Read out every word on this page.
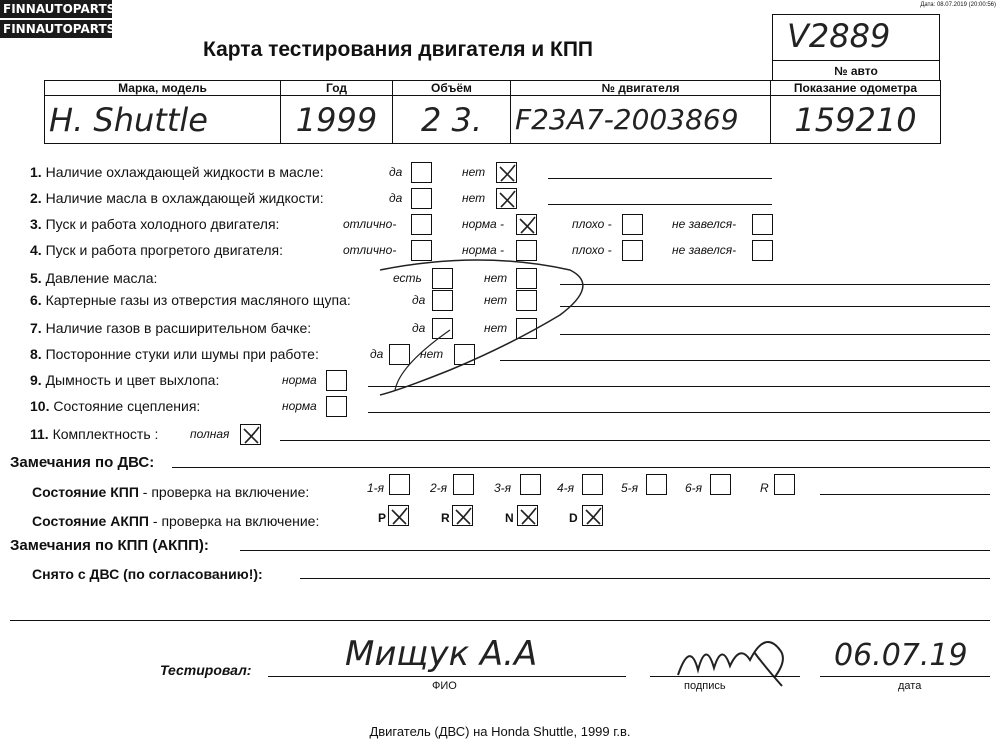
FINNAUTOPARTS
FINNAUTOPARTS
Дата: 08.07.2019 (20:00:56)
Карта тестирования двигателя и КПП	V2889
№ авто
Марка, модель	Год	Объём	№ двигателя	Показание одометра
H. Shuttle	1999	2 3.	F23A7-2003869	159210
1. Наличие охлаждающей жидкости в масле:	да	нет
2. Наличие масла в охлаждающей жидкости:	да	нет
3. Пуск и работа холодного двигателя:	отлично-	норма -	плохо -	не завелся-
4. Пуск и работа прогретого двигателя:	отлично-	норма -	плохо -	не завелся-
5. Давление масла:	есть	нет
6. Картерные газы из отверстия масляного щупа:	да	нет
7. Наличие газов в расширительном бачке:	да	нет
8. Посторонние стуки или шумы при работе:	да	нет
9. Дымность и цвет выхлопа:	норма
10. Состояние сцепления:	норма
11. Комплектность :	полная
Замечания по ДВС:
Состояние КПП - проверка на включение:	1-я	2-я	3-я	4-я	5-я	6-я	R
Состояние АКПП - проверка на включение:	P	R	N	D
Замечания по КПП (АКПП):
Снято с ДВС (по согласованию!):
Тестировал:	Мищук А.А
ФИО	подпись
06.07.19
дата
Двигатель (ДВС) на Honda Shuttle, 1999 г.в.
